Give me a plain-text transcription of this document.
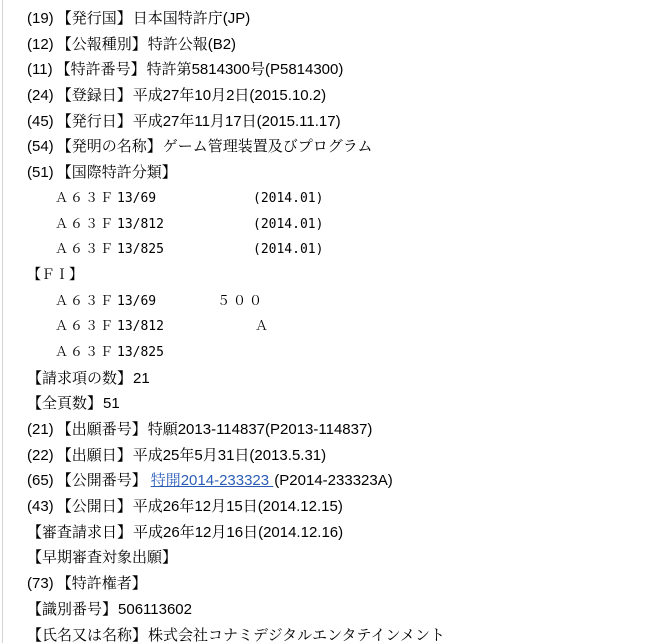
(19) 【発行国】日本国特許庁(JP)
(12) 【公報種別】特許公報(B2)
(11) 【特許番号】特許第5814300号(P5814300)
(24) 【登録日】平成27年10月2日(2015.10.2)
(45) 【発行日】平成27年11月17日(2015.11.17)
(54) 【発明の名称】ゲーム管理装置及びプログラム
(51) 【国際特許分類】
Ａ６３Ｆ 13/69	(2014.01)
Ａ６３Ｆ 13/812	(2014.01)
Ａ６３Ｆ 13/825	(2014.01)
【ＦＩ】
Ａ６３Ｆ 13/69	５００
Ａ６３Ｆ 13/812	Ａ
Ａ６３Ｆ 13/825
【請求項の数】21
【全頁数】51
(21) 【出願番号】特願2013-114837(P2013-114837)
(22) 【出願日】平成25年5月31日(2013.5.31)
(65) 【公開番号】 特開2014-233323 (P2014-233323A)
(43) 【公開日】平成26年12月15日(2014.12.15)
【審査請求日】平成26年12月16日(2014.12.16)
【早期審査対象出願】
(73) 【特許権者】
【識別番号】506113602
【氏名又は名称】株式会社コナミデジタルエンタテインメント
